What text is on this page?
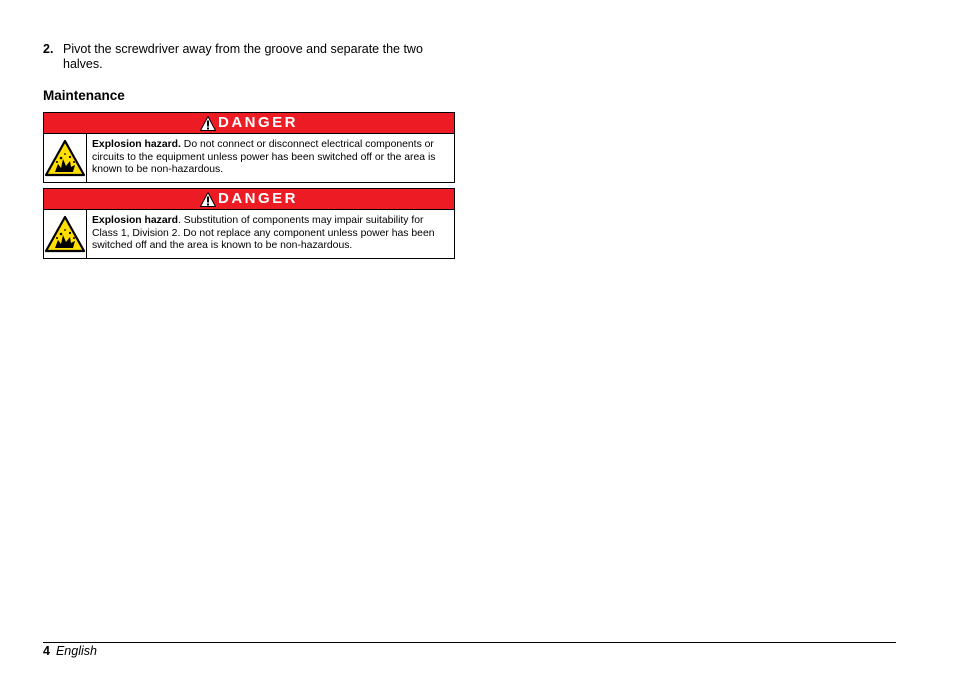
2. Pivot the screwdriver away from the groove and separate the two halves.
Maintenance
DANGER
Explosion hazard. Do not connect or disconnect electrical components or circuits to the equipment unless power has been switched off or the area is known to be non-hazardous.
DANGER
Explosion hazard. Substitution of components may impair suitability for Class 1, Division 2. Do not replace any component unless power has been switched off and the area is known to be non-hazardous.
4 English
